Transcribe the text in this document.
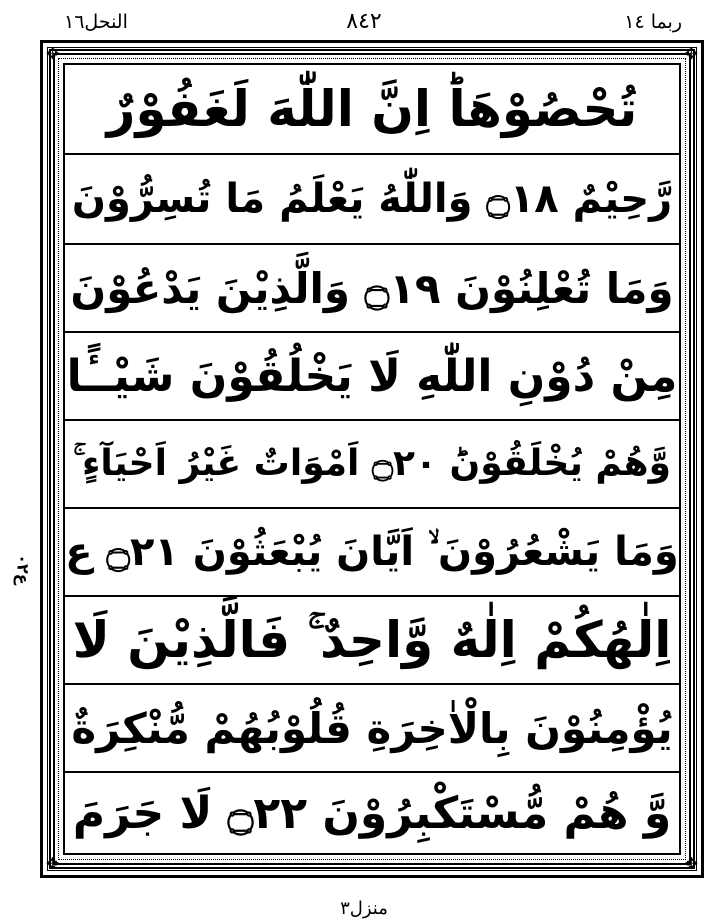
النحل١٦	٨٤٢	ربما ١٤
ع٠٢
تُحْصُوْهَاؕ اِنَّ اللّٰهَ لَغَفُوْرٌ
رَّحِيْمٌ ۝١٨ وَاللّٰهُ يَعْلَمُ مَا تُسِرُّوْنَ
وَمَا تُعْلِنُوْنَ ۝١٩ وَالَّذِيْنَ يَدْعُوْنَ
مِنْ دُوْنِ اللّٰهِ لَا يَخْلُقُوْنَ شَيْــًٔا
وَّهُمْ يُخْلَقُوْنَؕ ۝٢٠ اَمْوَاتٌ غَيْرُ اَحْيَآءٍ ۚ
وَمَا يَشْعُرُوْنَ ۙ اَيَّانَ يُبْعَثُوْنَ ۝٢١ ع
اِلٰهُكُمْ اِلٰهٌ وَّاحِدٌ ۚ فَالَّذِيْنَ لَا
يُؤْمِنُوْنَ بِالْاٰخِرَةِ قُلُوْبُهُمْ مُّنْكِرَةٌ
وَّ هُمْ مُّسْتَكْبِرُوْنَ ۝٢٢ لَا جَرَمَ
✥	✥
✥	✥
منزل٣
